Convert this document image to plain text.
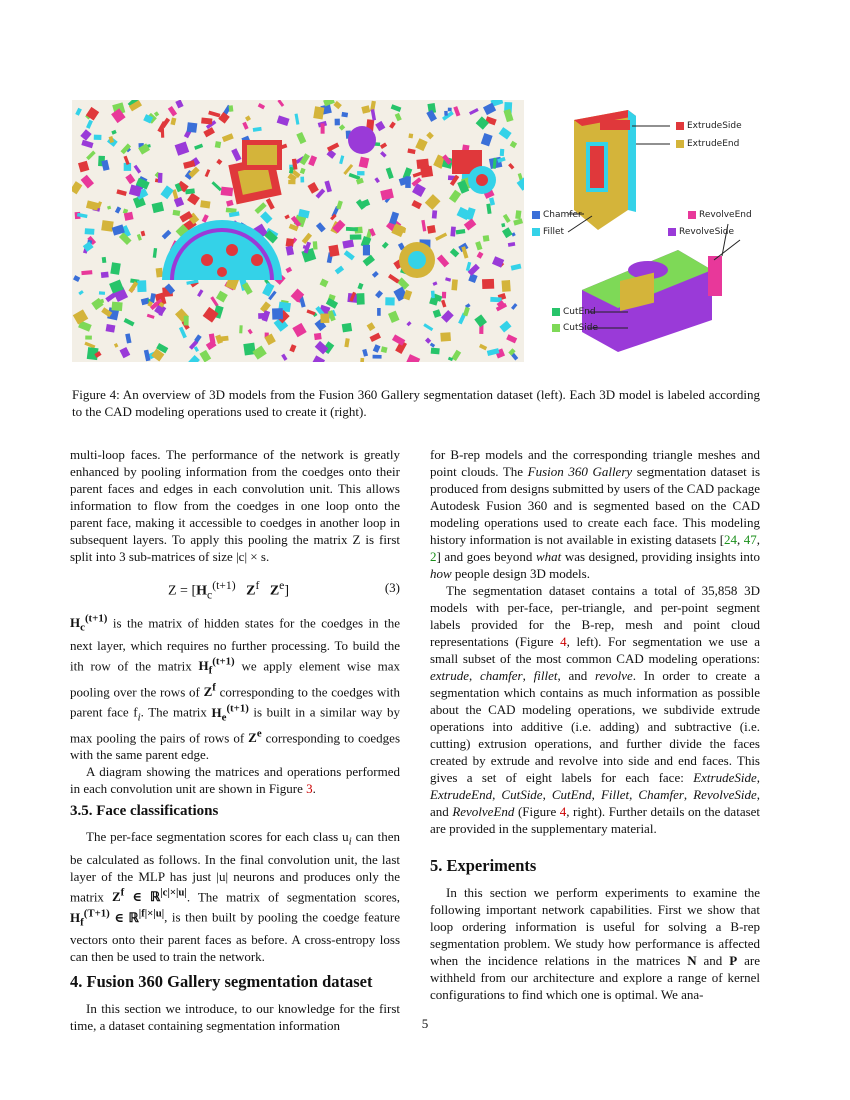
ExtrudeSide
ExtrudeEnd
Chamfer
Fillet
RevolveEnd
RevolveSide
CutEnd
CutSide
Figure 4: An overview of 3D models from the Fusion 360 Gallery segmentation dataset (left). Each 3D model is labeled according to the CAD modeling operations used to create it (right).

multi-loop faces. The performance of the network is greatly enhanced by pooling information from the coedges onto their parent faces and edges in each convolution unit. This allows information to flow from the coedges in one loop onto the parent face, making it accessible to coedges in another loop in subsequent layers. To apply this pooling the matrix Z is first split into 3 sub-matrices of size |c| × s.

$Z = [H_c^{(t+1)}$ $Z^f$ $Z^e$]	(3)

$H_c^{(t+1)}$ is the matrix of hidden states for the coedges in the next layer, which requires no further processing. To build the ith row of the matrix $H_f^{(t+1)}$ we apply element wise max pooling over the rows of $Z^f$ corresponding to the coedges with parent face $f_i$. The matrix $H_e^{(t+1)}$ is built in a similar way by max pooling the pairs of rows of $Z^e$ corresponding to coedges with the same parent edge.

A diagram showing the matrices and operations performed in each convolution unit are shown in Figure 3.

3.5. Face classifications

The per-face segmentation scores for each class $u_i$ can then be calculated as follows. In the final convolution unit, the last layer of the MLP has just |u| neurons and produces only the matrix $Z^f$ ∈ ℝ$^{|c|\times|u|}$. The matrix of segmentation scores, $H_f^{(T+1)}$ ∈ ℝ$^{|f|\times|u|}$, is then built by pooling the coedge feature vectors onto their parent faces as before. A cross-entropy loss can then be used to train the network.

4. Fusion 360 Gallery segmentation dataset

In this section we introduce, to our knowledge for the first time, a dataset containing segmentation information

for B-rep models and the corresponding triangle meshes and point clouds. The Fusion 360 Gallery segmentation dataset is produced from designs submitted by users of the CAD package Autodesk Fusion 360 and is segmented based on the CAD modeling operations used to create each face. This modeling history information is not available in existing datasets [24, 47, 2] and goes beyond what was designed, providing insights into how people design 3D models.

The segmentation dataset contains a total of 35,858 3D models with per-face, per-triangle, and per-point segment labels provided for the B-rep, mesh and point cloud representations (Figure 4, left). For segmentation we use a small subset of the most common CAD modeling operations: extrude, chamfer, fillet, and revolve. In order to create a segmentation which contains as much information as possible about the CAD modeling operations, we subdivide extrude operations into additive (i.e. adding) and subtractive (i.e. cutting) extrusion operations, and further divide the faces created by extrude and revolve into side and end faces. This gives a set of eight labels for each face: ExtrudeSide, ExtrudeEnd, CutSide, CutEnd, Fillet, Chamfer, RevolveSide, and RevolveEnd (Figure 4, right). Further details on the dataset are provided in the supplementary material.

5. Experiments

In this section we perform experiments to examine the following important network capabilities. First we show that loop ordering information is useful for solving a B-rep segmentation problem. We study how performance is affected when the incidence relations in the matrices N and P are withheld from our architecture and explore a range of kernel configurations to find which one is optimal. We ana-

5
